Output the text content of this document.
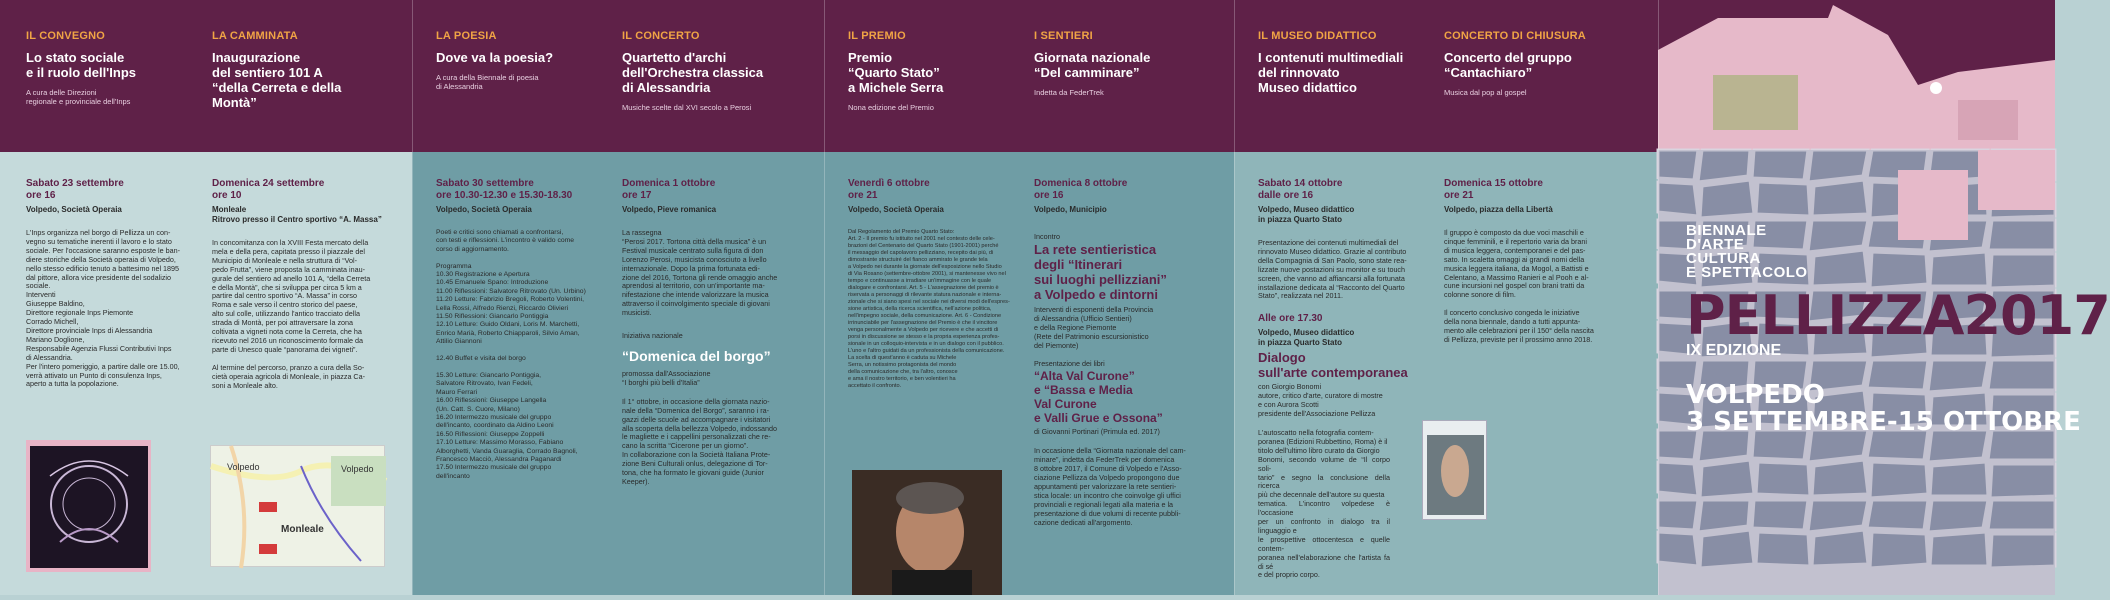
IL CONVEGNO
Lo stato sociale
e il ruolo dell'Inps
A cura delle Direzioni
regionale e provinciale dell'Inps
LA CAMMINATA
Inaugurazione
del sentiero 101 A
“della Cerreta e della Montà”
Sabato 23 settembre
ore 16
Volpedo, Società Operaia
L'Inps organizza nel borgo di Pellizza un con-
vegno su tematiche inerenti il lavoro e lo stato
sociale. Per l'occasione saranno esposte le ban-
diere storiche della Società operaia di Volpedo,
nello stesso edificio tenuto a battesimo nel 1895
dal pittore, allora vice presidente del sodalizio
sociale.
Interventi
Giuseppe Baldino,
Direttore regionale Inps Piemonte
Corrado Michell,
Direttore provinciale Inps di Alessandria
Mariano Doglione,
Responsabile Agenzia Flussi Contributivi Inps
di Alessandria.
Per l'intero pomeriggio, a partire dalle ore 15.00,
verrà attivato un Punto di consulenza Inps,
aperto a tutta la popolazione.
Domenica 24 settembre
ore 10
Monleale
Ritrovo presso il Centro sportivo “A. Massa”
In concomitanza con la XVIII Festa mercato della
mela e della pera, capitata presso il piazzale del
Municipio di Monleale e nella struttura di “Vol-
pedo Frutta”, viene proposta la camminata inau-
gurale del sentiero ad anello 101 A, “della Cerreta
e della Montà”, che si sviluppa per circa 5 km a
partire dal centro sportivo “A. Massa” in corso
Roma e sale verso il centro storico del paese,
alto sul colle, utilizzando l'antico tracciato della
strada di Montà, per poi attraversare la zona
coltivata a vigneti nota come la Cerreta, che ha
ricevuto nel 2016 un riconoscimento formale da
parte di Unesco quale “panorama dei vigneti”.

Al termine del percorso, pranzo a cura della So-
cietà operaia agricola di Monleale, in piazza Ca-
soni a Monleale alto.
Volpedo	Volpedo
Monleale
LA POESIA
Dove va la poesia?
A cura della Biennale di poesia
di Alessandria
IL CONCERTO
Quartetto d'archi
dell'Orchestra classica
di Alessandria
Musiche scelte dal XVI secolo a Perosi
Sabato 30 settembre
ore 10.30-12.30 e 15.30-18.30
Volpedo, Società Operaia
Poeti e critici sono chiamati a confrontarsi,
con testi e riflessioni. L'incontro è valido come
corso di aggiornamento.

Programma
10.30 Registrazione e Apertura
10.45 Emanuele Spano: Introduzione
11.00 Riflessioni: Salvatore Ritrovato (Un. Urbino)
11.20 Letture: Fabrizio Bregoli, Roberto Volentini,
Lella Rossi, Alfredo Rienzi, Riccardo Olivieri
11.50 Riflessioni: Giancarlo Pontiggia
12.10 Letture: Guido Oldani, Loris M. Marchetti,
Enrico Marià, Roberto Chiapparoli, Silvio Aman,
Attilio Giannoni

12.40 Buffet e visita del borgo

15.30 Letture: Giancarlo Pontiggia,
Salvatore Ritrovato, Ivan Fedeli,
Mauro Ferrari
16.00 Riflessioni: Giuseppe Langella
(Un. Catt. S. Cuore, Milano)
16.20 Intermezzo musicale del gruppo
dell'incanto, coordinato da Aldino Leoni
16.50 Riflessioni: Giuseppe Zoppelli
17.10 Letture: Massimo Morasso, Fabiano
Alborghetti, Vanda Guaraglia, Corrado Bagnoli,
Francesco Macciò, Alessandra Paganardi
17.50 Intermezzo musicale del gruppo
dell'incanto
Domenica 1 ottobre
ore 17
Volpedo, Pieve romanica
La rassegna
“Perosi 2017. Tortona città della musica” è un
Festival musicale centrato sulla figura di don
Lorenzo Perosi, musicista conosciuto a livello
internazionale. Dopo la prima fortunata edi-
zione del 2016, Tortona gli rende omaggio anche
aprendosi al territorio, con un'importante ma-
nifestazione che intende valorizzare la musica
attraverso il coinvolgimento speciale di giovani
musicisti.
Iniziativa nazionale
“Domenica del borgo”
promossa dall'Associazione
“I borghi più belli d'Italia”
Il 1° ottobre, in occasione della giornata nazio-
nale della “Domenica del Borgo”, saranno i ra-
gazzi delle scuole ad accompagnare i visitatori
alla scoperta della bellezza Volpedo, indossando
le magliette e i cappellini personalizzati che re-
cano la scritta “Cicerone per un giorno”.
In collaborazione con la Società Italiana Prote-
zione Beni Culturali onlus, delegazione di Tor-
tona, che ha formato le giovani guide (Junior
Keeper).
IL PREMIO
Premio
“Quarto Stato”
a Michele Serra
Nona edizione del Premio
I SENTIERI
Giornata nazionale
“Del camminare”
Indetta da FederTrek
Venerdì 6 ottobre
ore 21
Volpedo, Società Operaia
Dal Regolamento del Premio Quarto Stato:
Art. 2 - Il premio fu istituito nel 2001 nel contesto delle cele-
brazioni del Centenario del Quarto Stato (1901-2001) perché
il messaggio del capolavoro pellizziano, recepito dai più, di
dimostrante structuiré del fianco ammirato le grande tela
a Volpedo nei durante la giornate dell'esposizione nello Studio
di Via Rosano (settembre-ottobre 2001), si mantenesse vivo nel
tempo e continuasse a irradiare un'immagine con le quale
dialogare e confrontarsi. Art. 5 - L'assegnazione del premio è
riservata a personaggi di rilevante statura nazionale e interna-
zionale che si siano spesi nel sociale nei diversi modi dell'espres-
sione artistica, della ricerca scientifica, nell'azione politica,
nell'impegno sociale, della comunicazione. Art. 6 - Condizione
irrinunciabile per l'assegnazione del Premio è che il vincitore
venga personalmente a Volpedo per ricevere e che accetti di
porsi in discussione se stesso e la propria esperienza profes-
sionale in un colloquio-intervista e in un dialogo con il pubblico.
L'uno e l'altro guidati da un professionista della comunicazione.
La scelta di quest'anno è caduta su Michele
Serra, un notissimo protagonista del mondo
della comunicazione che, tra l'altro, conosce
e ama il nostro territorio, e ben volentieri ha
accettato il confronto.
Domenica 8 ottobre
ore 16
Volpedo, Municipio
Incontro
La rete sentieristica
degli “Itinerari
sui luoghi pellizziani”
a Volpedo e dintorni
Interventi di esponenti della Provincia
di Alessandria (Ufficio Sentieri)
e della Regione Piemonte
(Rete del Patrimonio escursionistico
del Piemonte)
Presentazione dei libri
“Alta Val Curone”
e “Bassa e Media
Val Curone
e Valli Grue e Ossona”
di Giovanni Portinari (Primula ed. 2017)
In occasione della “Giornata nazionale del cam-
minare”, indetta da FederTrek per domenica
8 ottobre 2017, il Comune di Volpedo e l'Asso-
ciazione Pellizza da Volpedo propongono due
appuntamenti per valorizzare la rete sentieri-
stica locale: un incontro che coinvolge gli uffici
provinciali e regionali legati alla materia e la
presentazione di due volumi di recente pubbli-
cazione dedicati all'argomento.
IL MUSEO DIDATTICO
I contenuti multimediali
del rinnovato
Museo didattico
CONCERTO DI CHIUSURA
Concerto del gruppo
“Cantachiaro”
Musica dal pop al gospel
Sabato 14 ottobre
dalle ore 16
Volpedo, Museo didattico
in piazza Quarto Stato
Presentazione dei contenuti multimediali del
rinnovato Museo didattico. Grazie al contributo
della Compagnia di San Paolo, sono state rea-
lizzate nuove postazioni su monitor e su touch
screen, che vanno ad affiancarsi alla fortunata
installazione dedicata al “Racconto del Quarto
Stato”, realizzata nel 2011.
Alle ore 17.30
Volpedo, Museo didattico
in piazza Quarto Stato
Dialogo
sull'arte contemporanea
con Giorgio Bonomi
autore, critico d'arte, curatore di mostre
e con Aurora Scotti
presidente dell'Associazione Pellizza
L'autoscatto nella fotografia contem-
poranea (Edizioni Rubbettino, Roma) è il
titolo dell'ultimo libro curato da Giorgio
Bonomi, secondo volume de “Il corpo soli-
tario” e segno la conclusione della ricerca
più che decennale dell'autore su questa
tematica. L'incontro volpedese è l'occasione
per un confronto in dialogo tra il linguaggio e
le prospettive ottocentesca e quelle contem-
poranea nell'elaborazione che l'artista fa di sé
e del proprio corpo.
Domenica 15 ottobre
ore 21
Volpedo, piazza della Libertà
Il gruppo è composto da due voci maschili e
cinque femminili, e il repertorio varia da brani
di musica leggera, contemporanei e del pas-
sato. In scaletta omaggi ai grandi nomi della
musica leggera italiana, da Mogol, a Battisti e
Celentano, a Massimo Ranieri e al Pooh e al-
cune incursioni nel gospel con brani tratti da
colonne sonore di film.

Il concerto conclusivo congeda le iniziative
della nona biennale, dando a tutti appunta-
mento alle celebrazioni per il 150° della nascita
di Pellizza, previste per il prossimo anno 2018.
BIENNALE
D'ARTE
CULTURA
E SPETTACOLO
PELLIZZA2017
IX EDIZIONE
VOLPEDO
3 SETTEMBRE-15 OTTOBRE
